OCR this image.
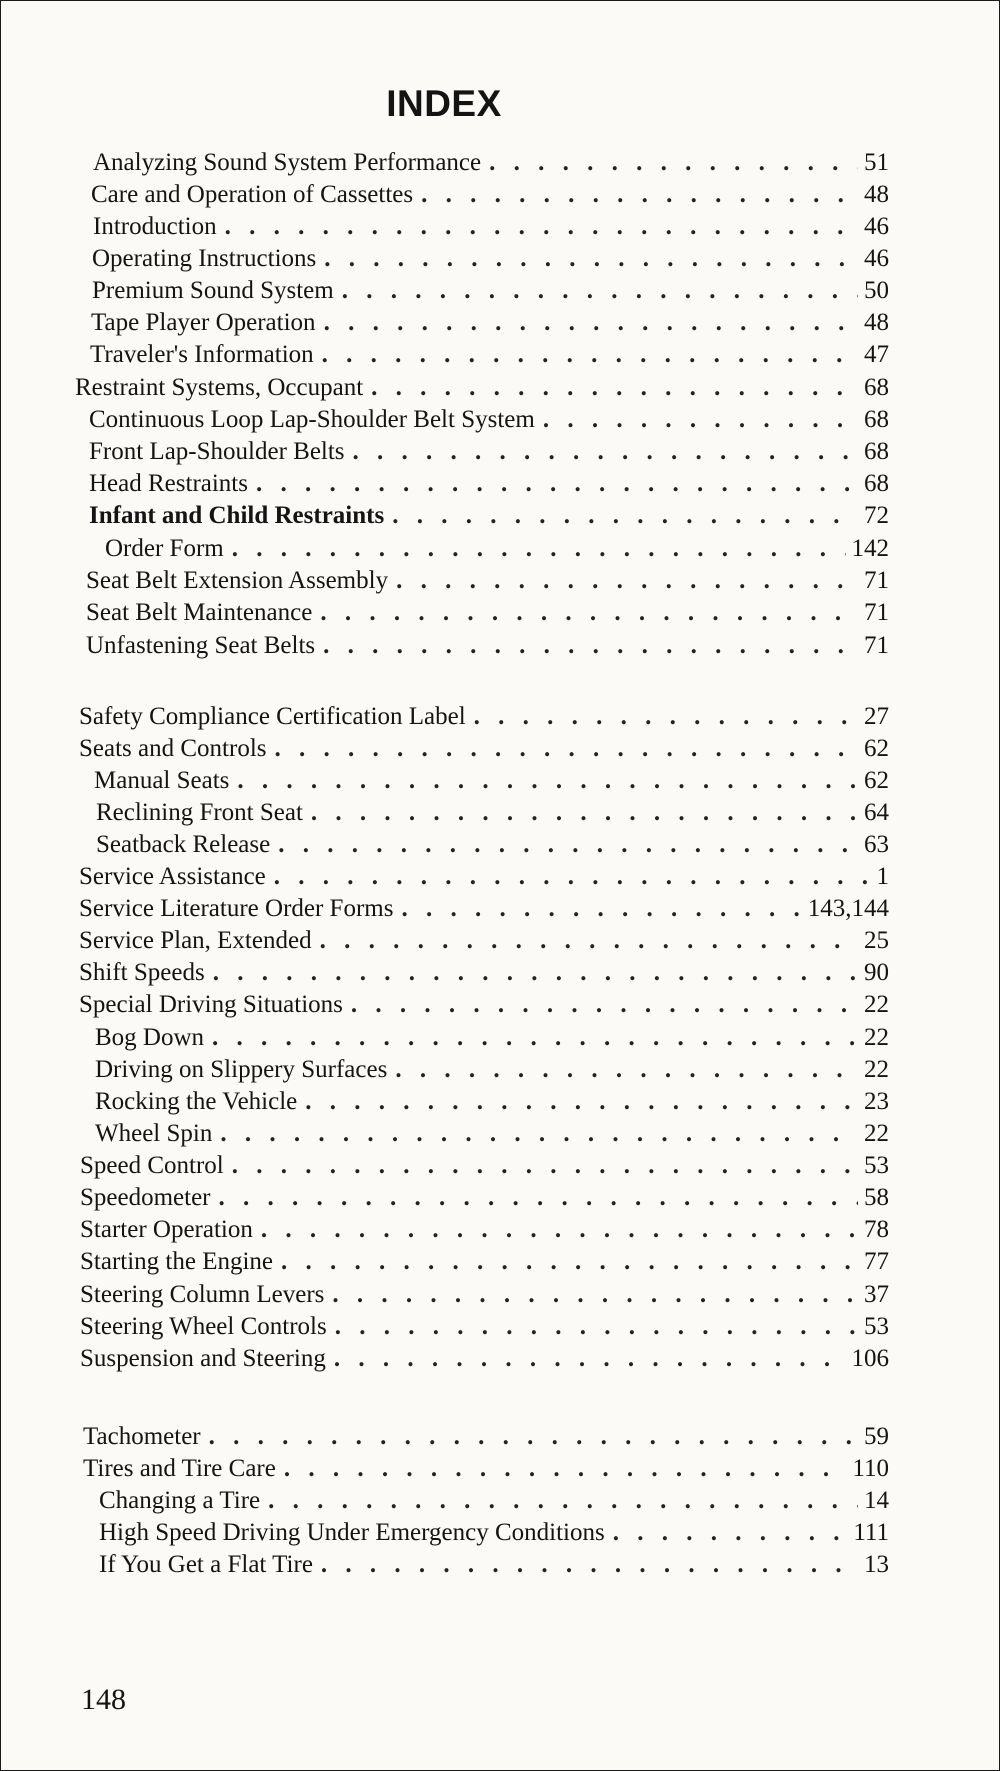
INDEX
Analyzing Sound System Performance . . .	51
Care and Operation of Cassettes . . .	48
Introduction . . .	46
Operating Instructions . . .	46
Premium Sound System . . .	50
Tape Player Operation . . .	48
Traveler's Information . . .	47
Restraint Systems, Occupant . . .	68
Continuous Loop Lap-Shoulder Belt System . . .	68
Front Lap-Shoulder Belts . . .	68
Head Restraints . . .	68
Infant and Child Restraints . . .	72
Order Form . . .	142
Seat Belt Extension Assembly . . .	71
Seat Belt Maintenance . . .	71
Unfastening Seat Belts . . .	71
Safety Compliance Certification Label . . .	27
Seats and Controls . . .	62
Manual Seats . . .	62
Reclining Front Seat . . .	64
Seatback Release . . .	63
Service Assistance . . .	1
Service Literature Order Forms . . .	143,144
Service Plan, Extended . . .	25
Shift Speeds . . .	90
Special Driving Situations . . .	22
Bog Down . . .	22
Driving on Slippery Surfaces . . .	22
Rocking the Vehicle . . .	23
Wheel Spin . . .	22
Speed Control . . .	53
Speedometer . . .	58
Starter Operation . . .	78
Starting the Engine . . .	77
Steering Column Levers . . .	37
Steering Wheel Controls . . .	53
Suspension and Steering . . .	106
Tachometer . . .	59
Tires and Tire Care . . .	110
Changing a Tire . . .	14
High Speed Driving Under Emergency Conditions . . .	111
If You Get a Flat Tire . . .	13
148
